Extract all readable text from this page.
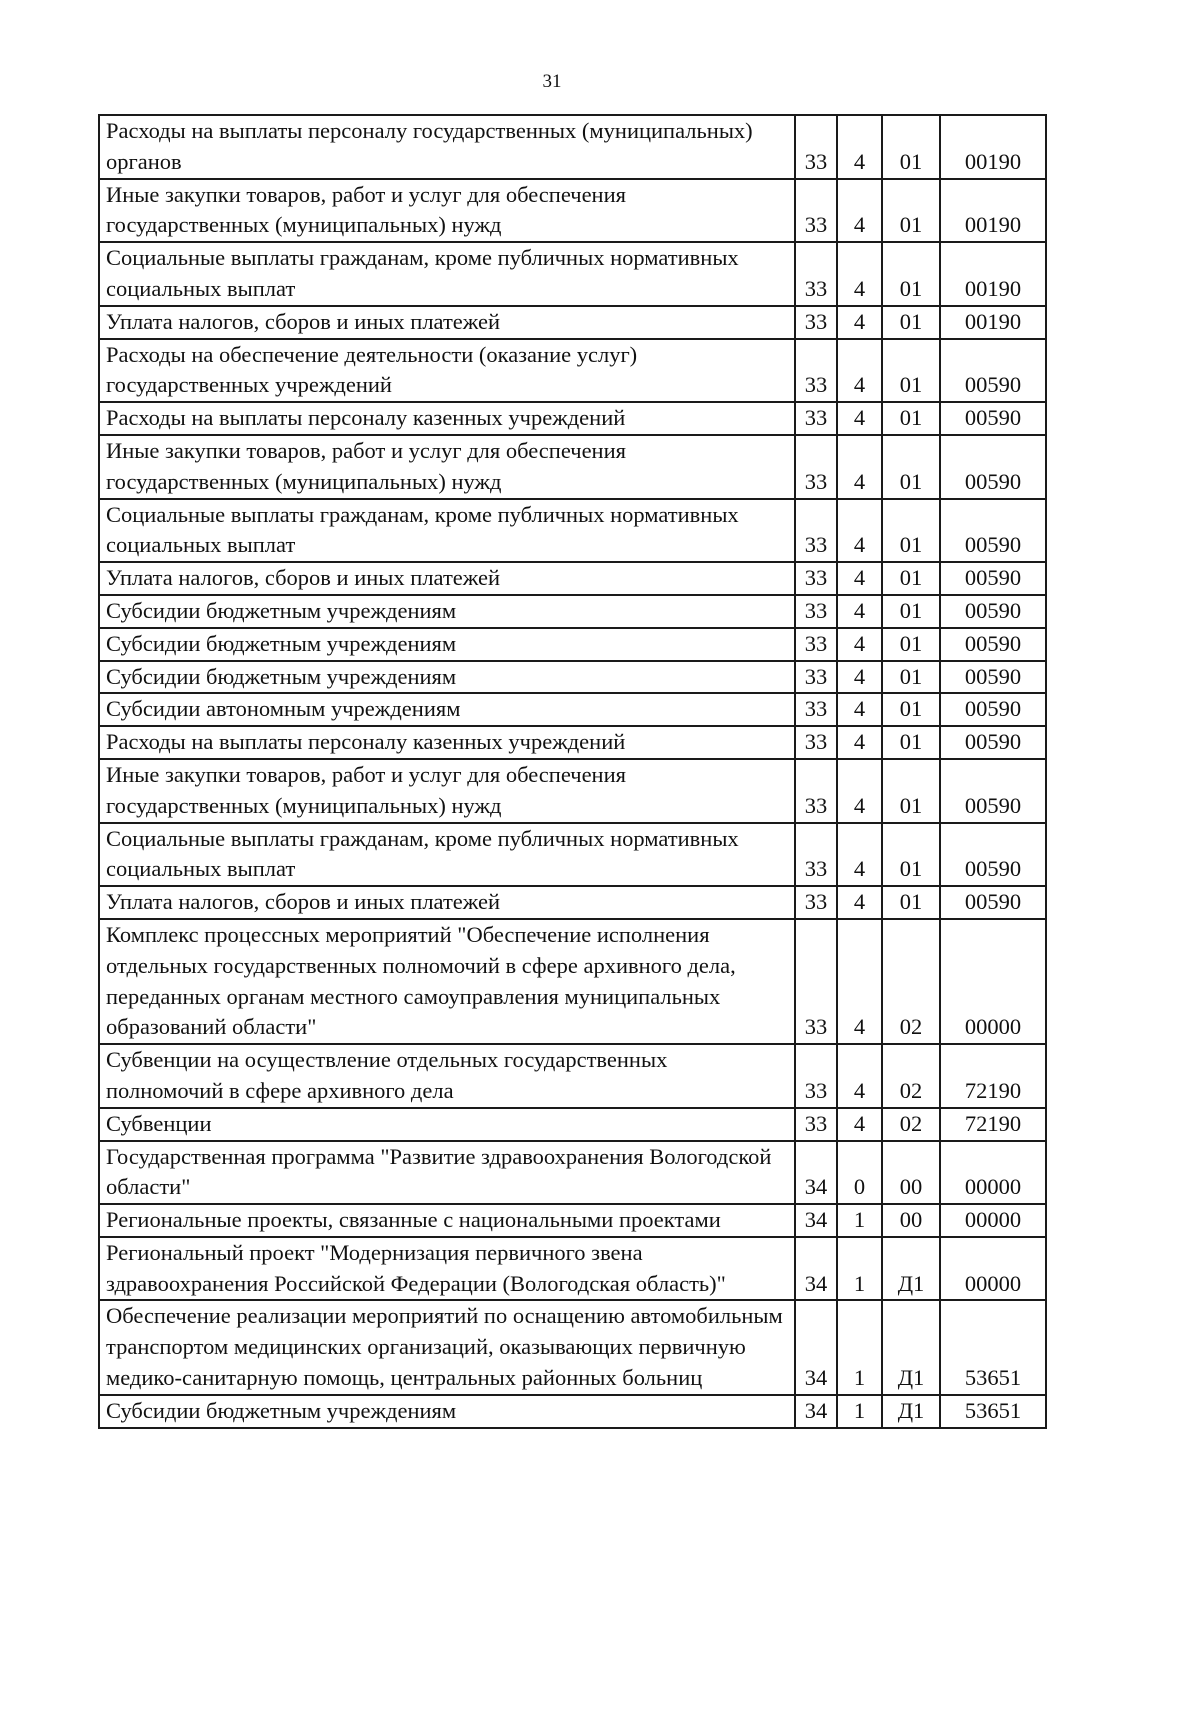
31
Расходы на выплаты персоналу государственных (муниципальных) органов	33	4	01	00190
Иные закупки товаров, работ и услуг для обеспечения государственных (муниципальных) нужд	33	4	01	00190
Социальные выплаты гражданам, кроме публичных нормативных социальных выплат	33	4	01	00190
Уплата налогов, сборов и иных платежей	33	4	01	00190
Расходы на обеспечение деятельности (оказание услуг) государственных учреждений	33	4	01	00590
Расходы на выплаты персоналу казенных учреждений	33	4	01	00590
Иные закупки товаров, работ и услуг для обеспечения государственных (муниципальных) нужд	33	4	01	00590
Социальные выплаты гражданам, кроме публичных нормативных социальных выплат	33	4	01	00590
Уплата налогов, сборов и иных платежей	33	4	01	00590
Субсидии бюджетным учреждениям	33	4	01	00590
Субсидии бюджетным учреждениям	33	4	01	00590
Субсидии бюджетным учреждениям	33	4	01	00590
Субсидии автономным учреждениям	33	4	01	00590
Расходы на выплаты персоналу казенных учреждений	33	4	01	00590
Иные закупки товаров, работ и услуг для обеспечения государственных (муниципальных) нужд	33	4	01	00590
Социальные выплаты гражданам, кроме публичных нормативных социальных выплат	33	4	01	00590
Уплата налогов, сборов и иных платежей	33	4	01	00590
Комплекс процессных мероприятий "Обеспечение исполнения отдельных государственных полномочий в сфере архивного дела, переданных органам местного самоуправления муниципальных образований области"	33	4	02	00000
Субвенции на осуществление отдельных государственных полномочий в сфере архивного дела	33	4	02	72190
Субвенции	33	4	02	72190
Государственная программа "Развитие здравоохранения Вологодской области"	34	0	00	00000
Региональные проекты, связанные с национальными проектами	34	1	00	00000
Региональный проект "Модернизация первичного звена здравоохранения Российской Федерации (Вологодская область)"	34	1	Д1	00000
Обеспечение реализации мероприятий по оснащению автомобильным транспортом медицинских организаций, оказывающих первичную медико-санитарную помощь, центральных районных больниц	34	1	Д1	53651
Субсидии бюджетным учреждениям	34	1	Д1	53651
